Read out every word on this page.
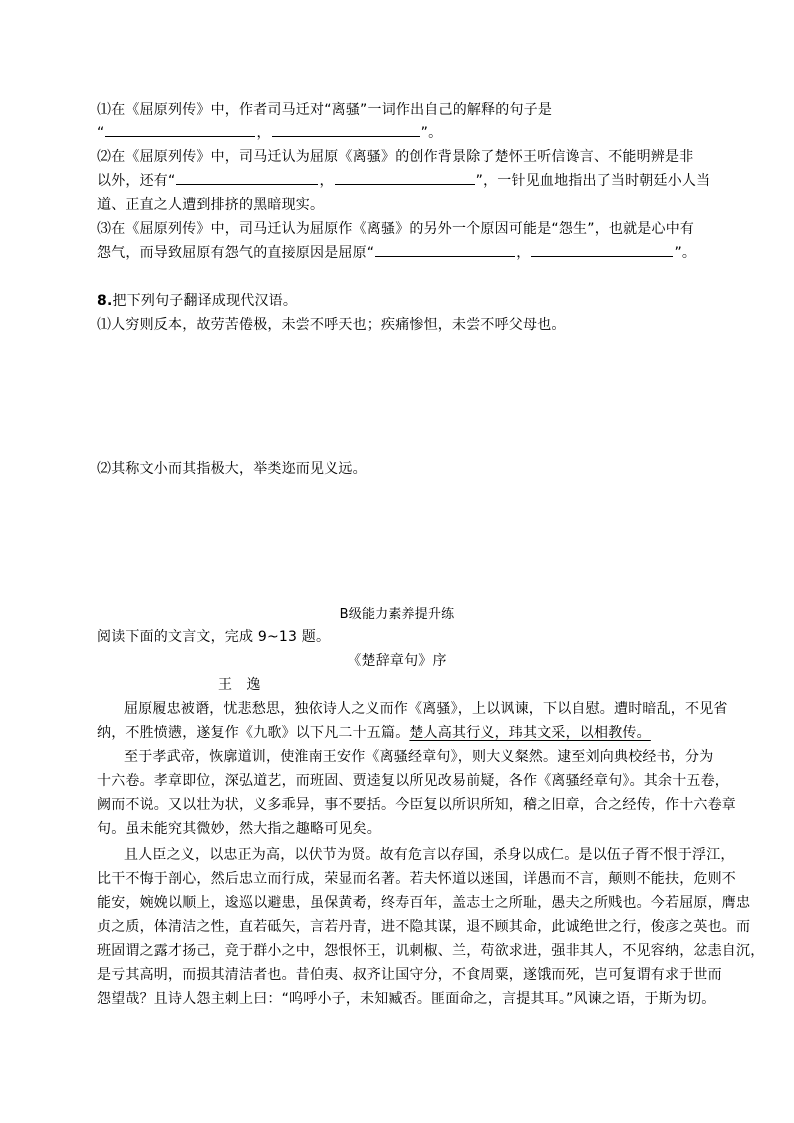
⑴在《屈原列传》中，作者司马迁对“离骚”一词作出自己的解释的句子是
“	，	”。
⑵在《屈原列传》中，司马迁认为屈原《离骚》的创作背景除了楚怀王听信谗言、不能明辨是非
以外，还有“	，	”，一针见血地指出了当时朝廷小人当
道、正直之人遭到排挤的黑暗现实。
⑶在《屈原列传》中，司马迁认为屈原作《离骚》的另外一个原因可能是“怨生”，也就是心中有
怨气，而导致屈原有怨气的直接原因是屈原“	，	”。
8.把下列句子翻译成现代汉语。
⑴人穷则反本，故劳苦倦极，未尝不呼天也；疾痛惨怛，未尝不呼父母也。
⑵其称文小而其指极大，举类迩而见义远。
B级能力素养提升练
阅读下面的文言文，完成 9~13 题。
《楚辞章句》序
王　逸
屈原履忠被谮，忧悲愁思，独依诗人之义而作《离骚》，上以讽谏，下以自慰。遭时暗乱，不见省
纳，不胜愤懑，遂复作《九歌》以下凡二十五篇。楚人高其行义，玮其文采，以相教传。
至于孝武帝，恢廓道训，使淮南王安作《离骚经章句》，则大义粲然。逮至刘向典校经书，分为
十六卷。孝章即位，深弘道艺，而班固、贾逵复以所见改易前疑，各作《离骚经章句》。其余十五卷，
阙而不说。又以壮为状，义多乖异，事不要括。今臣复以所识所知，稽之旧章，合之经传，作十六卷章
句。虽未能究其微妙，然大指之趣略可见矣。
且人臣之义，以忠正为高，以伏节为贤。故有危言以存国，杀身以成仁。是以伍子胥不恨于浮江，
比干不悔于剖心，然后忠立而行成，荣显而名著。若夫怀道以迷国，详愚而不言，颠则不能扶，危则不
能安，婉娩以顺上，逡巡以避患，虽保黄耇，终寿百年，盖志士之所耻，愚夫之所贱也。今若屈原，膺忠
贞之质，体清洁之性，直若砥矢，言若丹青，进不隐其谋，退不顾其命，此诚绝世之行，俊彦之英也。而
班固谓之露才扬己，竞于群小之中，怨恨怀王，讥刺椒、兰，苟欲求进，强非其人，不见容纳，忿恚自沉，
是亏其高明，而损其清洁者也。昔伯夷、叔齐让国守分，不食周粟，遂饿而死，岂可复谓有求于世而
怨望哉？且诗人怨主刺上曰：“呜呼小子，未知臧否。匪面命之，言提其耳。”风谏之语，于斯为切。
